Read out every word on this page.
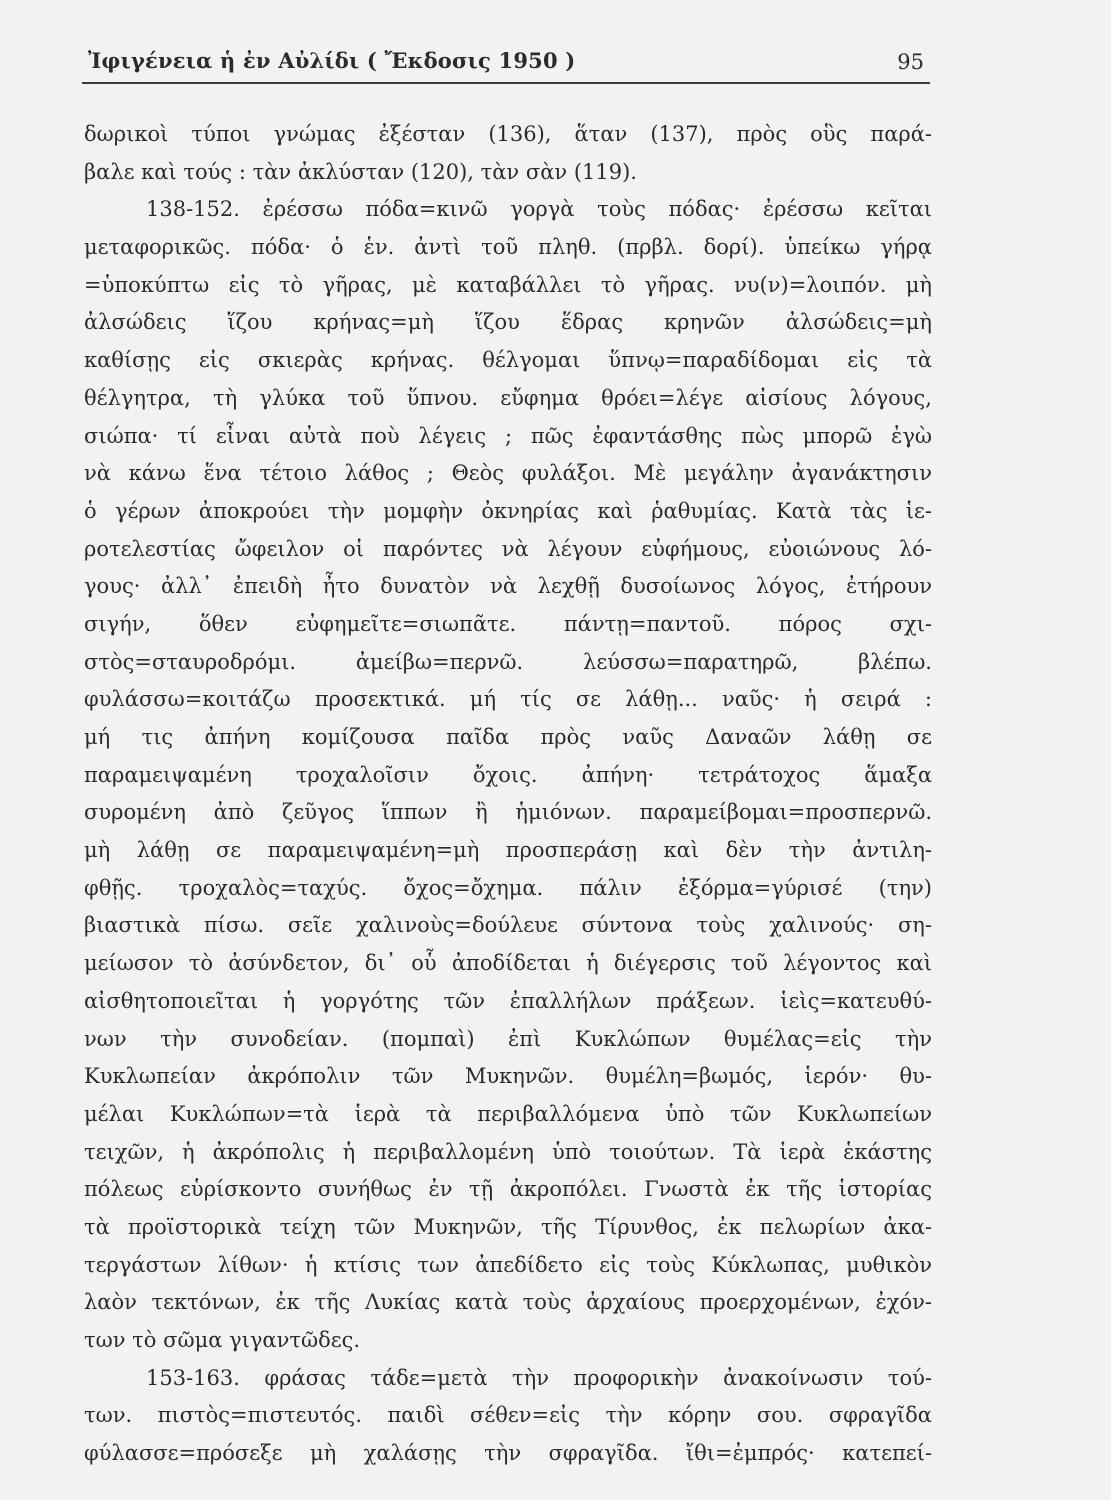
Ἰφιγένεια ἡ ἐν Αὐλίδι ( Ἔκδοσις 1950 )	95
δωρικοὶ τύποι γνώμας ἐξέσταν (136), ἅταν (137), πρὸς οὓς παρά-
βαλε καὶ τούς : τὰν ἀκλύσταν (120), τὰν σὰν (119).
138-152. ἐρέσσω πόδα=κινῶ γοργὰ τοὺς πόδας· ἐρέσσω κεῖται
μεταφορικῶς. πόδα· ὁ ἑν. ἀντὶ τοῦ πληθ. (πρβλ. δορί). ὑπείκω γήρᾳ
=ὑποκύπτω εἰς τὸ γῆρας, μὲ καταβάλλει τὸ γῆρας. νυ(ν)=λοιπόν. μὴ
ἀλσώδεις ἵζου κρήνας=μὴ ἵζου ἕδρας κρηνῶν ἀλσώδεις=μὴ
καθίσῃς εἰς σκιερὰς κρήνας. θέλγομαι ὕπνῳ=παραδίδομαι εἰς τὰ
θέλγητρα, τὴ γλύκα τοῦ ὕπνου. εὔφημα θρόει=λέγε αἰσίους λόγους,
σιώπα· τί εἶναι αὐτὰ ποὺ λέγεις ; πῶς ἐφαντάσθης πὼς μπορῶ ἐγὼ
νὰ κάνω ἕνα τέτοιο λάθος ; Θεὸς φυλάξοι. Μὲ μεγάλην ἀγανάκτησιν
ὁ γέρων ἀποκρούει τὴν μομφὴν ὀκνηρίας καὶ ῥαθυμίας. Κατὰ τὰς ἱε-
ροτελεστίας ὤφειλον οἱ παρόντες νὰ λέγουν εὐφήμους, εὐοιώνους λό-
γους· ἀλλ᾽ ἐπειδὴ ἦτο δυνατὸν νὰ λεχθῇ δυσοίωνος λόγος, ἐτήρουν
σιγήν, ὅθεν εὐφημεῖτε=σιωπᾶτε. πάντῃ=παντοῦ. πόρος σχι-
στὸς=σταυροδρόμι. ἀμείβω=περνῶ. λεύσσω=παρατηρῶ, βλέπω.
φυλάσσω=κοιτάζω προσεκτικά. μή τίς σε λάθῃ... ναῦς· ἡ σειρά :
μή τις ἀπήνη κομίζουσα παῖδα πρὸς ναῦς Δαναῶν λάθῃ σε
παραμειψαμένη τροχαλοῖσιν ὄχοις. ἀπήνη· τετράτοχος ἅμαξα
συρομένη ἀπὸ ζεῦγος ἵππων ἢ ἡμιόνων. παραμείβομαι=προσπερνῶ.
μὴ λάθῃ σε παραμειψαμένη=μὴ προσπεράσῃ καὶ δὲν τὴν ἀντιλη-
φθῇς. τροχαλὸς=ταχύς. ὄχος=ὄχημα. πάλιν ἐξόρμα=γύρισέ (την)
βιαστικὰ πίσω. σεῖε χαλινοὺς=δούλευε σύντονα τοὺς χαλινούς· ση-
μείωσον τὸ ἀσύνδετον, δι᾽ οὗ ἀποδίδεται ἡ διέγερσις τοῦ λέγοντος καὶ
αἰσθητοποιεῖται ἡ γοργότης τῶν ἐπαλλήλων πράξεων. ἱεὶς=κατευθύ-
νων τὴν συνοδείαν. (πομπαὶ) ἐπὶ Κυκλώπων θυμέλας=εἰς τὴν
Κυκλωπείαν ἀκρόπολιν τῶν Μυκηνῶν. θυμέλη=βωμός, ἱερόν· θυ-
μέλαι Κυκλώπων=τὰ ἱερὰ τὰ περιβαλλόμενα ὑπὸ τῶν Κυκλωπείων
τειχῶν, ἡ ἀκρόπολις ἡ περιβαλλομένη ὑπὸ τοιούτων. Τὰ ἱερὰ ἑκάστης
πόλεως εὑρίσκοντο συνήθως ἐν τῇ ἀκροπόλει. Γνωστὰ ἐκ τῆς ἱστορίας
τὰ προϊστορικὰ τείχη τῶν Μυκηνῶν, τῆς Τίρυνθος, ἐκ πελωρίων ἀκα-
τεργάστων λίθων· ἡ κτίσις των ἀπεδίδετο εἰς τοὺς Κύκλωπας, μυθικὸν
λαὸν τεκτόνων, ἐκ τῆς Λυκίας κατὰ τοὺς ἀρχαίους προερχομένων, ἐχόν-
των τὸ σῶμα γιγαντῶδες.
153-163. φράσας τάδε=μετὰ τὴν προφορικὴν ἀνακοίνωσιν τού-
των. πιστὸς=πιστευτός. παιδὶ σέθεν=εἰς τὴν κόρην σου. σφραγῖδα
φύλασσε=πρόσεξε μὴ χαλάσῃς τὴν σφραγῖδα. ἴθι=ἐμπρός· κατεπεί-
